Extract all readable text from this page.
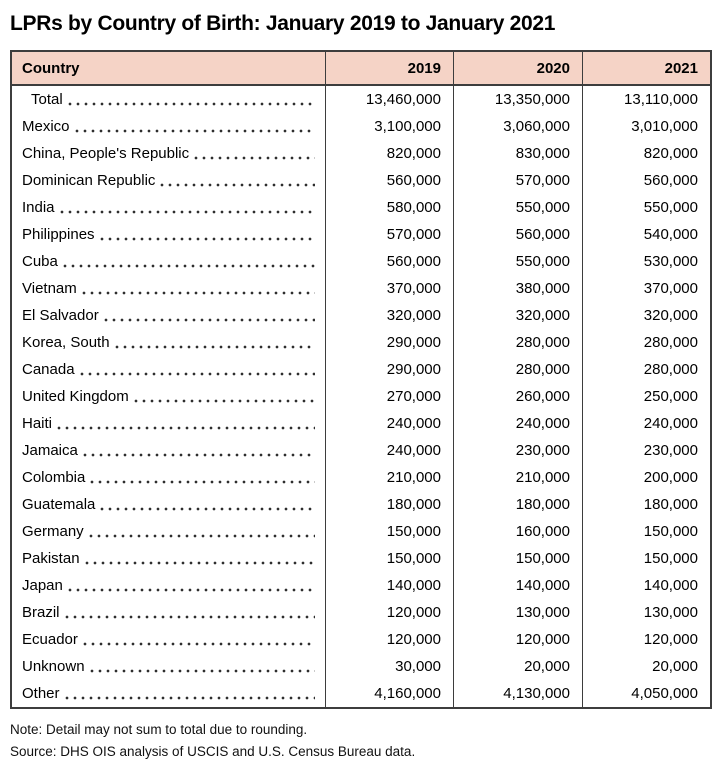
LPRs by Country of Birth: January 2019 to January 2021
Country	2019	2020	2021
Total	13,460,000	13,350,000	13,110,000
Mexico	3,100,000	3,060,000	3,010,000
China, People's Republic	820,000	830,000	820,000
Dominican Republic	560,000	570,000	560,000
India	580,000	550,000	550,000
Philippines	570,000	560,000	540,000
Cuba	560,000	550,000	530,000
Vietnam	370,000	380,000	370,000
El Salvador	320,000	320,000	320,000
Korea, South	290,000	280,000	280,000
Canada	290,000	280,000	280,000
United Kingdom	270,000	260,000	250,000
Haiti	240,000	240,000	240,000
Jamaica	240,000	230,000	230,000
Colombia	210,000	210,000	200,000
Guatemala	180,000	180,000	180,000
Germany	150,000	160,000	150,000
Pakistan	150,000	150,000	150,000
Japan	140,000	140,000	140,000
Brazil	120,000	130,000	130,000
Ecuador	120,000	120,000	120,000
Unknown	30,000	20,000	20,000
Other	4,160,000	4,130,000	4,050,000
Note: Detail may not sum to total due to rounding.
Source: DHS OIS analysis of USCIS and U.S. Census Bureau data.
